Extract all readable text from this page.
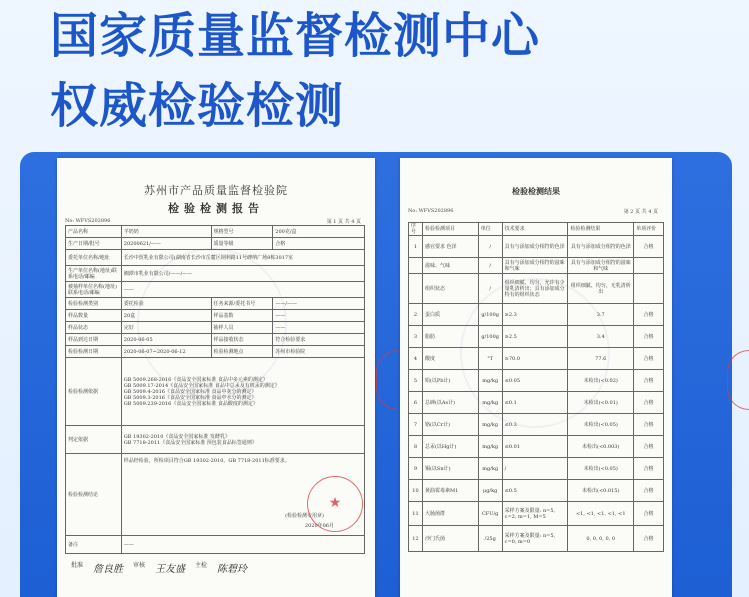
国家质量监督检测中心
权威检验检测
苏州市产品质量监督检验院
检验检测报告
No: WFVS202896	第 1 页 共 4 页
产品名称	羊奶奶	规格型号	200克/盒
生产日期/批号	20200621/——	质量等级	合格
委托单位名称/地址	长沙中贸乳业有限公司(湖南省长沙市岳麓区钢利路11号碑纳广场8栋3017室		
生产单位名称(地址)联系电话/邮编	湘潭市乳业有限公司/——/——		
被抽样单位名称(地址)联系电话/邮编	——		
检验检测类别	委托检验	任务来源/委托书号	——/——
样品数量	20盒	样品基数	——
样品状态	完好	抽样人员	——
样品到达日期	2020-06-05	样品接收状态	符合检验要求
检验检测日期	2020-06-07~2020-06-12	检验检测地点	苏州市检验院
检验检测依据	GB 5009.268-2016《食品安全国家标准 食品中多元素的测定》
GB 5009.17-2014《食品安全国家标准 食品中总汞及有机汞的测定》
GB 5009.4-2016《食品安全国家标准 食品中灰分的测定》
GB 5009.3-2016《食品安全国家标准 食品中水分的测定》
GB 5009.239-2016《食品安全国家标准 食品酸度的测定》		

判定依据	GB 19302-2010《食品安全国家标准 发酵乳》
GB 7718-2011《食品安全国家标准 预包装食品标签通则》		

检验检测结论	样品经检验，所检项目符合GB 19302-2010、GB 7718-2011标准要求。
(检验检测专用章)
2020年06月		

备注	——		
★
批准 詹良胜 审核 王友盛 主检 陈碧玲
检验检测结果
No: WFVS202896	第 2 页 共 4 页
序号	检验检测项目	单位	技术要求	检验检测结果	单项评价
1	感官要求 色泽	/	具有与添加成分相符的色泽	具有与添加成分相符的色泽	合格
	滋味、气味	/	具有与添加成分相符的滋味和气味	具有与添加成分相符的滋味和气味	
	组织状态	/	组织细腻、均匀，允许有少量乳清析出；具有添加成分特有的组织状态	组织细腻、均匀，无乳清析出	
2	蛋白质	g/100g	≥2.3	3.7	合格
3	脂肪	g/100g	≥2.5	3.4	合格
4	酸度	°T	≥70.0	77.6	合格
5	铅(以Pb计)	mg/kg	≤0.05	未检出(<0.02)	合格
6	总砷(以As计)	mg/kg	≤0.1	未检出(<0.01)	合格
7	铬(以Cr计)	mg/kg	≤0.3	未检出(<0.05)	合格
8	总汞(以Hg计)	mg/kg	≤0.01	未检出(<0.003)	合格
9	锡(以Sn计)	mg/kg	/	未检出(<0.05)	合格
10	黄曲霉毒素M1	μg/kg	≤0.5	未检出(<0.015)	合格
11	大肠菌群	CFU/g	采样方案及限量: n=5, c=2, m=1, M=5	<1, <1, <1, <1, <1	合格
12	沙门氏菌	/25g	采样方案及限量: n=5, c=0, m=0	0, 0, 0, 0, 0	合格
